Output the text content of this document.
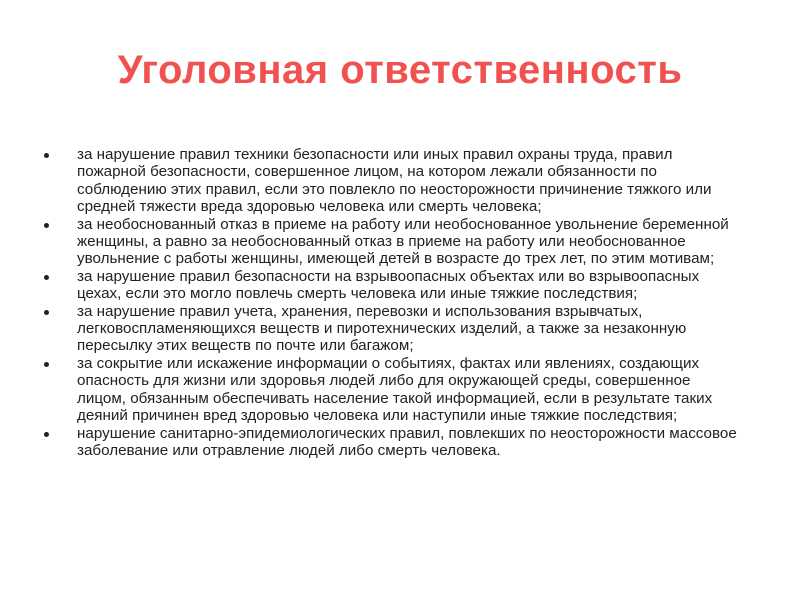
Уголовная ответственность
за нарушение правил техники безопасности или иных правил охраны труда, правил пожарной безопасности, совершенное лицом, на котором лежали обязанности по соблюдению этих правил, если это повлекло по неосторожности причинение тяжкого или средней тяжести вреда здоровью человека или смерть человека;
за необоснованный отказ в приеме на работу или необоснованное увольнение беременной женщины, а равно за необоснованный отказ в приеме на работу или необоснованное увольнение с работы женщины, имеющей детей в возрасте до трех лет, по этим мотивам;
за нарушение правил безопасности на взрывоопасных объектах или во взрывоопасных цехах, если это могло повлечь смерть человека или иные тяжкие последствия;
за нарушение правил учета, хранения, перевозки и использования взрывчатых, легковоспламеняющихся веществ и пиротехнических изделий, а также за незаконную пересылку этих веществ по почте или багажом;
за сокрытие или искажение информации о событиях, фактах или явлениях, создающих опасность для жизни или здоровья людей либо для окружающей среды, совершенное лицом, обязанным обеспечивать население такой информацией, если в результате таких деяний причинен вред здоровью человека или наступили иные тяжкие последствия;
нарушение санитарно-эпидемиологических правил, повлекших по неосторожности массовое заболевание или отравление людей либо смерть человека.
